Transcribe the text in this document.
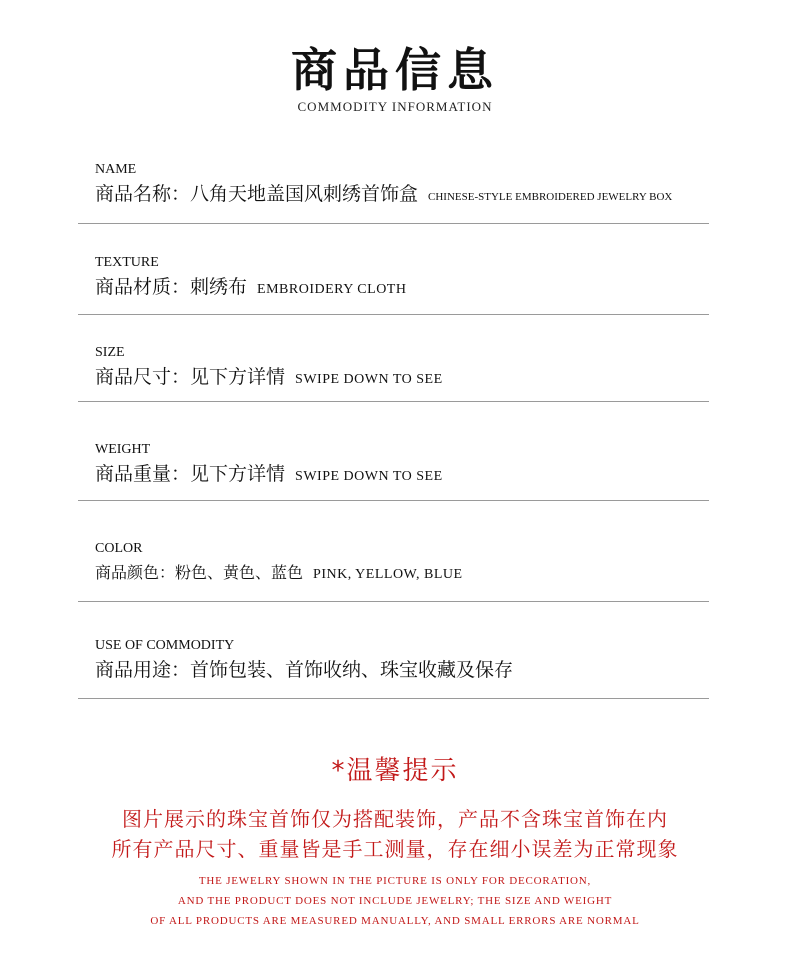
商品信息
COMMODITY INFORMATION
NAME
商品名称：八角天地盖国风刺绣首饰盒 CHINESE-STYLE EMBROIDERED JEWELRY BOX
TEXTURE
商品材质：刺绣布 EMBROIDERY CLOTH
SIZE
商品尺寸：见下方详情 SWIPE DOWN TO SEE
WEIGHT
商品重量：见下方详情 SWIPE DOWN TO SEE
COLOR
商品颜色：粉色、黄色、蓝色 PINK, YELLOW, BLUE
USE OF COMMODITY
商品用途：首饰包装、首饰收纳、珠宝收藏及保存
*温馨提示
图片展示的珠宝首饰仅为搭配装饰，产品不含珠宝首饰在内
所有产品尺寸、重量皆是手工测量，存在细小误差为正常现象
THE JEWELRY SHOWN IN THE PICTURE IS ONLY FOR DECORATION,
AND THE PRODUCT DOES NOT INCLUDE JEWELRY; THE SIZE AND WEIGHT
OF ALL PRODUCTS ARE MEASURED MANUALLY, AND SMALL ERRORS ARE NORMAL
